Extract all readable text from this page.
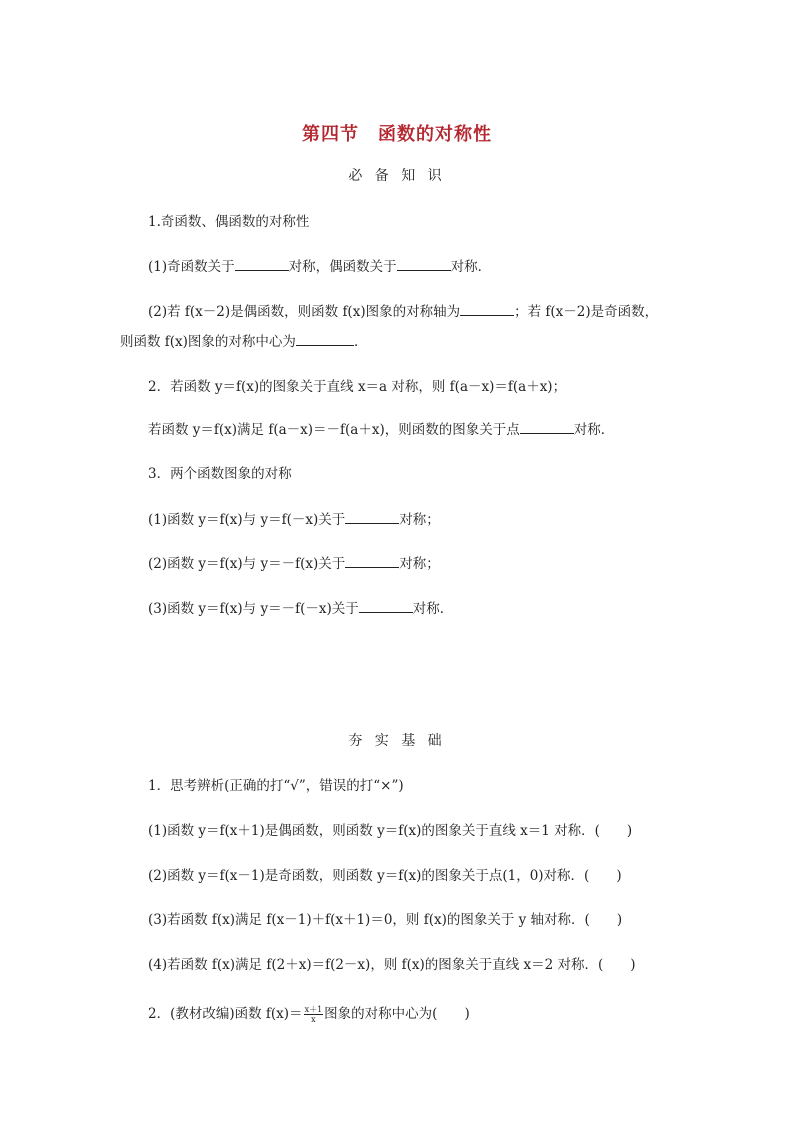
第四节　函数的对称性
必 备 知 识
1.奇函数、偶函数的对称性
(1)奇函数关于	对称，偶函数关于	对称．
(2)若 f(x－2)是偶函数，则函数 f(x)图象的对称轴为	；若 f(x－2)是奇函数，
则函数 f(x)图象的对称中心为	．
2．若函数 y＝f(x)的图象关于直线 x＝a 对称，则 f(a－x)＝f(a＋x)；
若函数 y＝f(x)满足 f(a－x)＝－f(a＋x)，则函数的图象关于点	对称．
3．两个函数图象的对称
(1)函数 y＝f(x)与 y＝f(－x)关于	对称；
(2)函数 y＝f(x)与 y＝－f(x)关于	对称；
(3)函数 y＝f(x)与 y＝－f(－x)关于	对称．
夯 实 基 础
1．思考辨析(正确的打“√”，错误的打“×”)
(1)函数 y＝f(x＋1)是偶函数，则函数 y＝f(x)的图象关于直线 x＝1 对称．(　　)
(2)函数 y＝f(x－1)是奇函数，则函数 y＝f(x)的图象关于点(1，0)对称．(　　)
(3)若函数 f(x)满足 f(x－1)＋f(x＋1)＝0，则 f(x)的图象关于 y 轴对称．(　　)
(4)若函数 f(x)满足 f(2＋x)＝f(2－x)，则 f(x)的图象关于直线 x＝2 对称．(　　)
2．(教材改编)函数 $f(x)= \frac{x+1}{x}$ 图象的对称中心为(　　)
